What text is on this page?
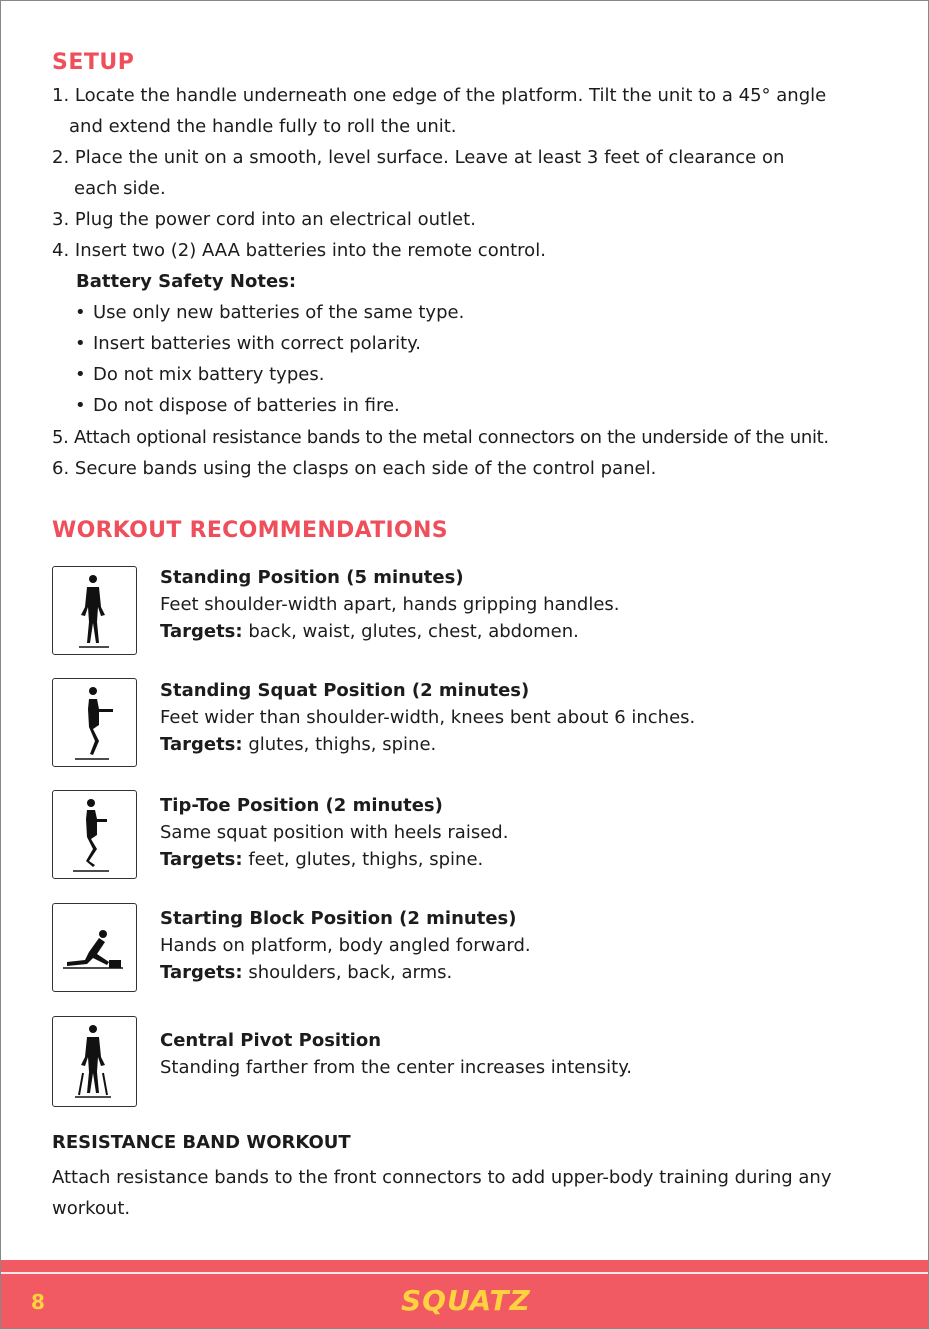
SETUP
1. Locate the handle underneath one edge of the platform. Tilt the unit to a 45° angle
and extend the handle fully to roll the unit.
2. Place the unit on a smooth, level surface. Leave at least 3 feet of clearance on
each side.
3. Plug the power cord into an electrical outlet.
4. Insert two (2) AAA batteries into the remote control.
Battery Safety Notes:
• Use only new batteries of the same type.
• Insert batteries with correct polarity.
• Do not mix battery types.
• Do not dispose of batteries in fire.
5. Attach optional resistance bands to the metal connectors on the underside of the unit.
6. Secure bands using the clasps on each side of the control panel.
WORKOUT RECOMMENDATIONS
Standing Position (5 minutes)
Feet shoulder-width apart, hands gripping handles.
Targets: back, waist, glutes, chest, abdomen.
Standing Squat Position (2 minutes)
Feet wider than shoulder-width, knees bent about 6 inches.
Targets: glutes, thighs, spine.
Tip-Toe Position (2 minutes)
Same squat position with heels raised.
Targets: feet, glutes, thighs, spine.
Starting Block Position (2 minutes)
Hands on platform, body angled forward.
Targets: shoulders, back, arms.
Central Pivot Position
Standing farther from the center increases intensity.
RESISTANCE BAND WORKOUT
Attach resistance bands to the front connectors to add upper-body training during any workout.
8	SQUATZ
